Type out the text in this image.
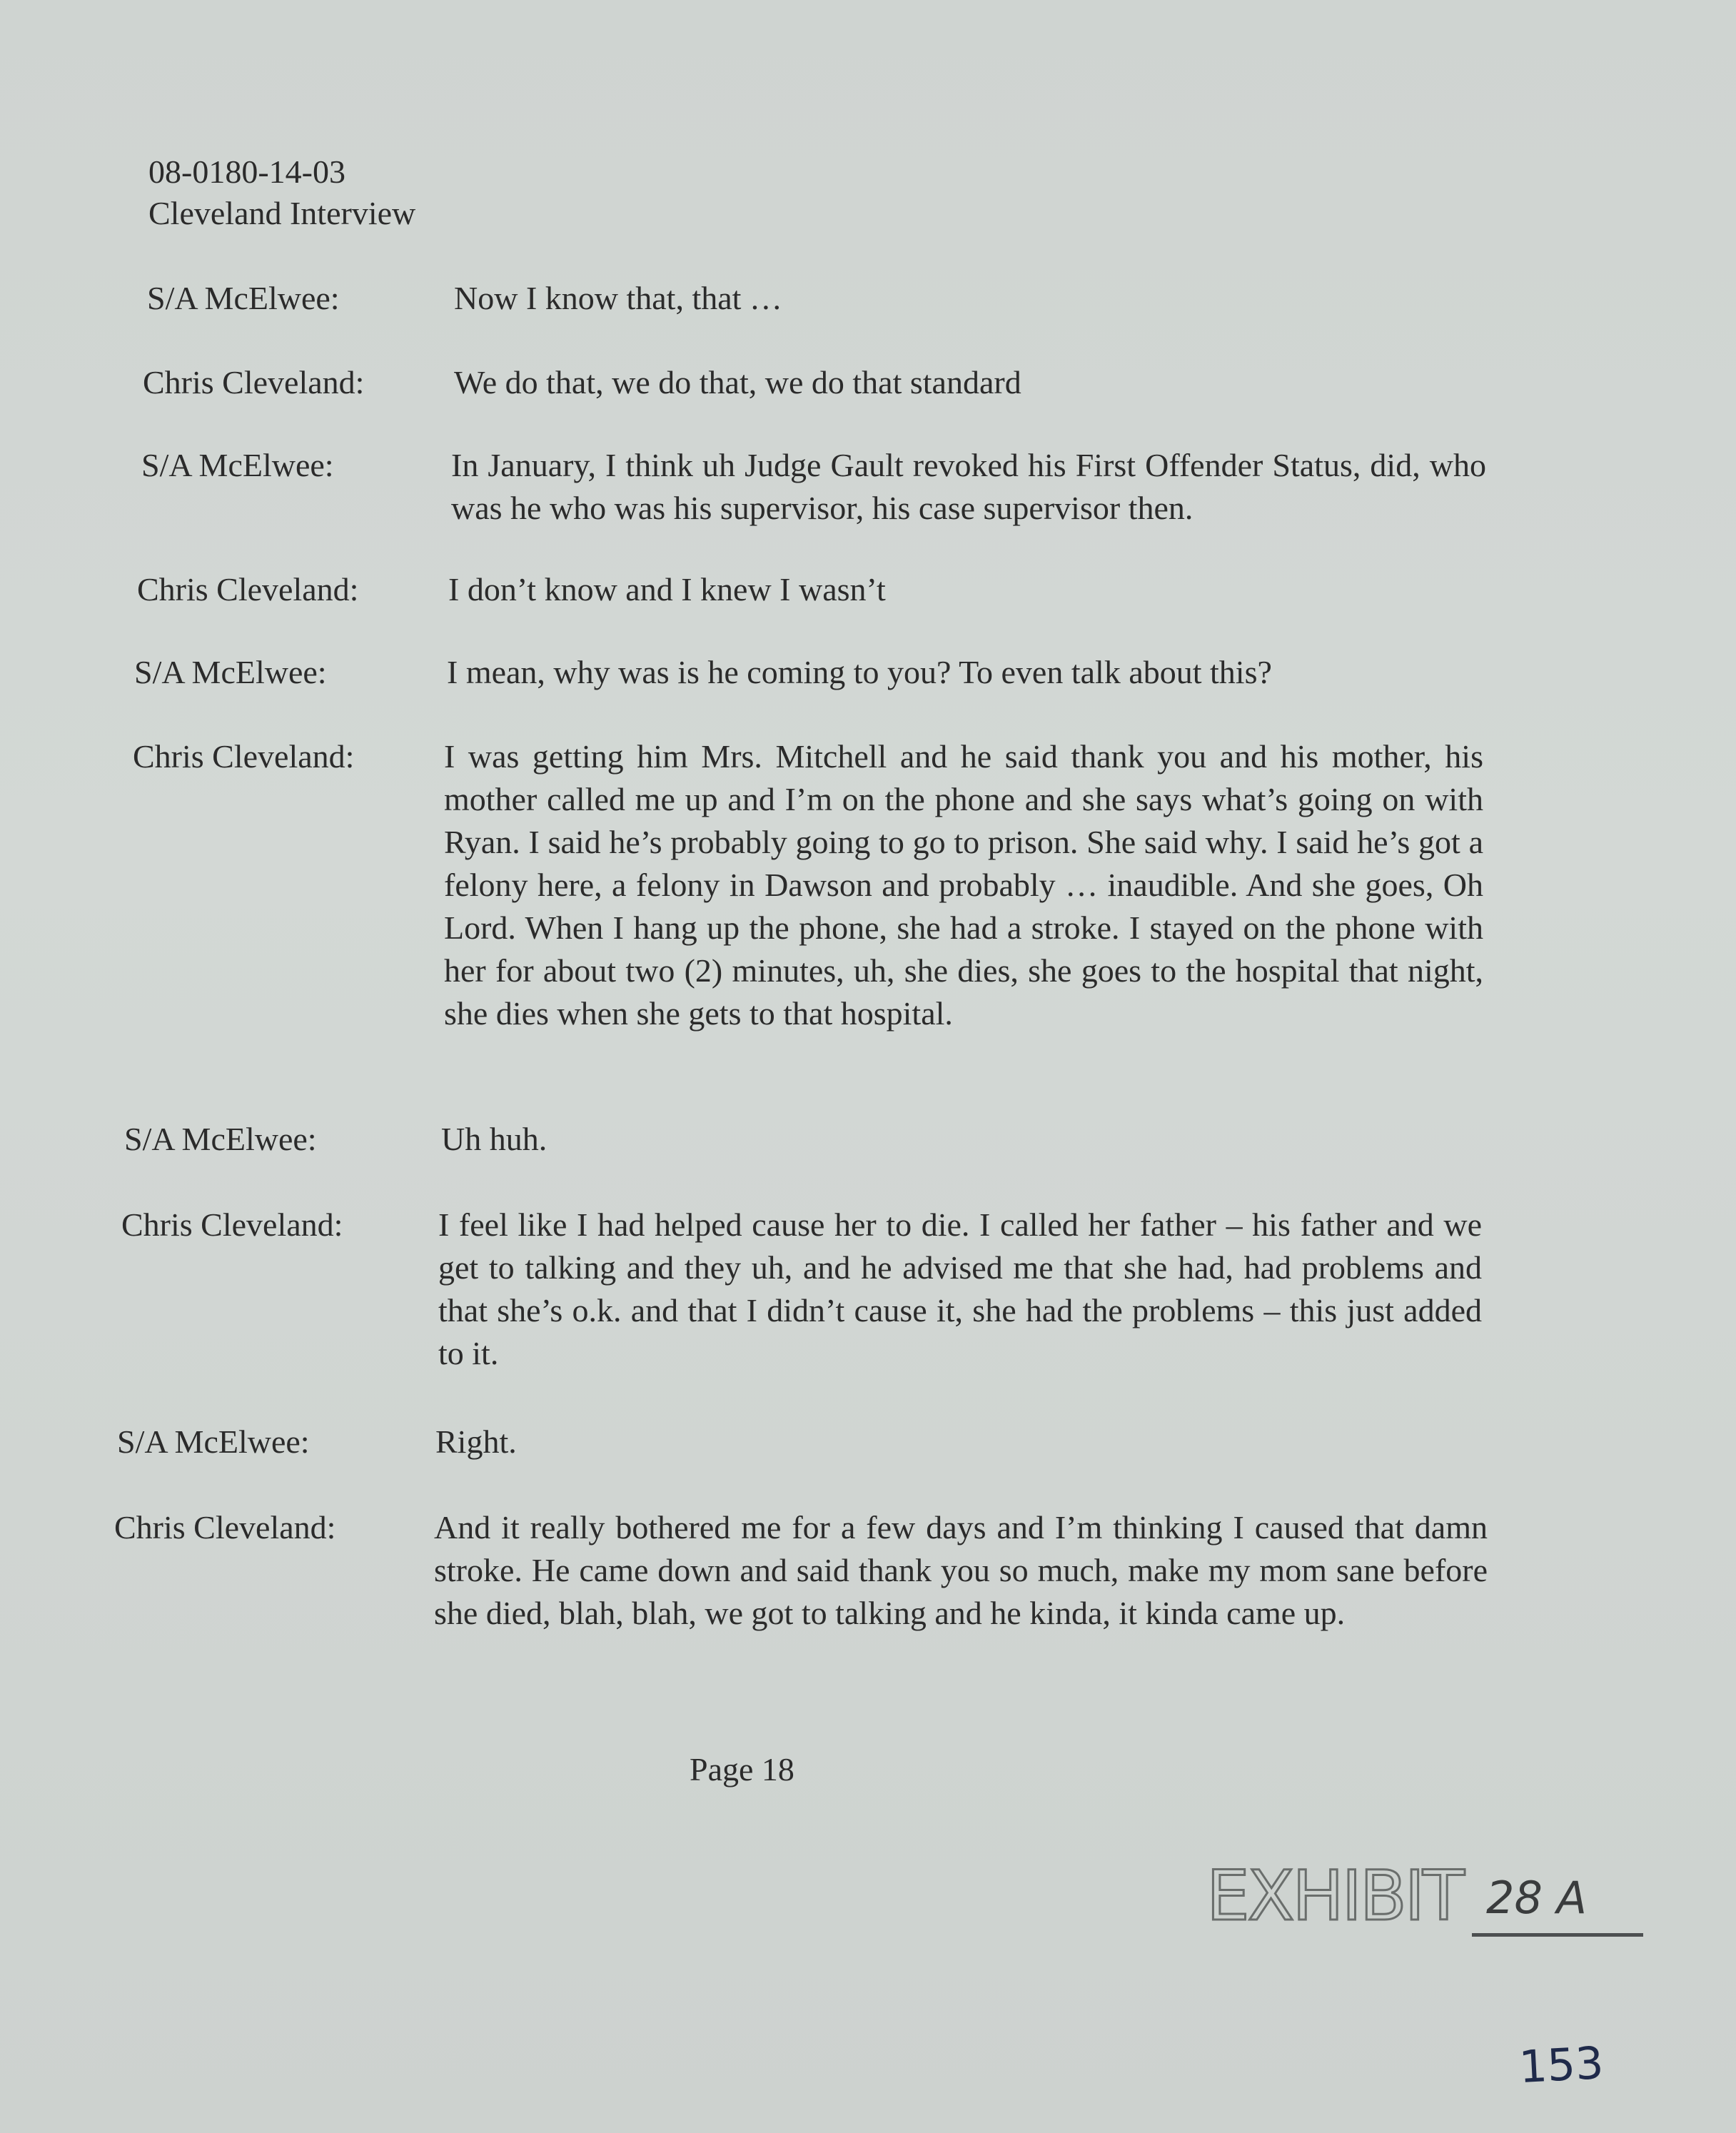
08-0180-14-03
Cleveland Interview
S/A McElwee:	Now I know that, that …
Chris Cleveland:	We do that, we do that, we do that standard
S/A McElwee:	In January, I think uh Judge Gault revoked his First Offender Status, did, who was he who was his supervisor, his case supervisor then.
Chris Cleveland:	I don’t know and I knew I wasn’t
S/A McElwee:	I mean, why was is he coming to you? To even talk about this?
Chris Cleveland:	I was getting him Mrs. Mitchell and he said thank you and his mother, his mother called me up and I’m on the phone and she says what’s going on with Ryan. I said he’s probably going to go to prison. She said why. I said he’s got a felony here, a felony in Dawson and probably … inaudible. And she goes, Oh Lord. When I hang up the phone, she had a stroke. I stayed on the phone with her for about two (2) minutes, uh, she dies, she goes to the hospital that night, she dies when she gets to that hospital.
S/A McElwee:	Uh huh.
Chris Cleveland:	I feel like I had helped cause her to die. I called her father – his father and we get to talking and they uh, and he advised me that she had, had problems and that she’s o.k. and that I didn’t cause it, she had the problems – this just added to it.
S/A McElwee:	Right.
Chris Cleveland:	And it really bothered me for a few days and I’m thinking I caused that damn stroke. He came down and said thank you so much, make my mom sane before she died, blah, blah, we got to talking and he kinda, it kinda came up.
Page 18
EXHIBIT 28 A
153
